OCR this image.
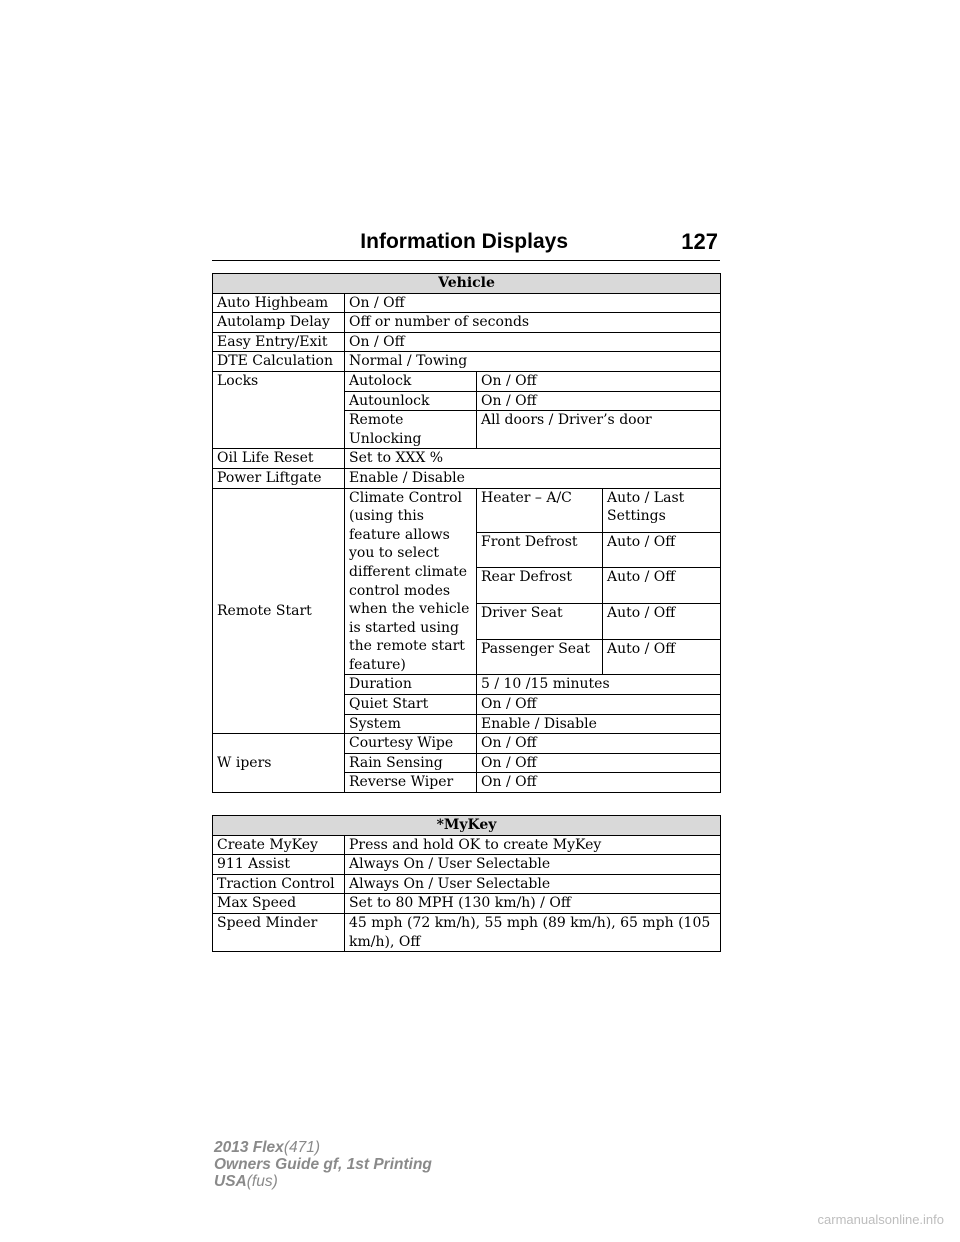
Information Displays	127
Vehicle			
Auto Highbeam	On / Off		
Autolamp Delay	Off or number of seconds		
Easy Entry/Exit	On / Off		
DTE Calculation	Normal / Towing		
Locks	Autolock	On / Off	
	Autounlock	On / Off	
	Remote Unlocking	All doors / Driver’s door	
Oil Life Reset	Set to XXX %		
Power Liftgate	Enable / Disable		
Remote Start	Climate Control (using this feature allows you to select different climate control modes when the vehicle is started using the remote start feature)	Heater – A/C	Auto / Last Settings
		Front Defrost	Auto / Off
		Rear Defrost	Auto / Off
		Driver Seat	Auto / Off
		Passenger Seat	Auto / Off
	Duration	5 / 10 /15 minutes	
	Quiet Start	On / Off	
	System	Enable / Disable	
W ipers	Courtesy Wipe	On / Off	
	Rain Sensing	On / Off	
	Reverse Wiper	On / Off	
*MyKey	
Create MyKey	Press and hold OK to create MyKey
911 Assist	Always On / User Selectable
Traction Control	Always On / User Selectable
Max Speed	Set to 80 MPH (130 km/h) / Off
Speed Minder	45 mph (72 km/h), 55 mph (89 km/h), 65 mph (105 km/h), Off
2013 Flex(471)
Owners Guide gf, 1st Printing
USA(fus)
carmanualsonline.info
